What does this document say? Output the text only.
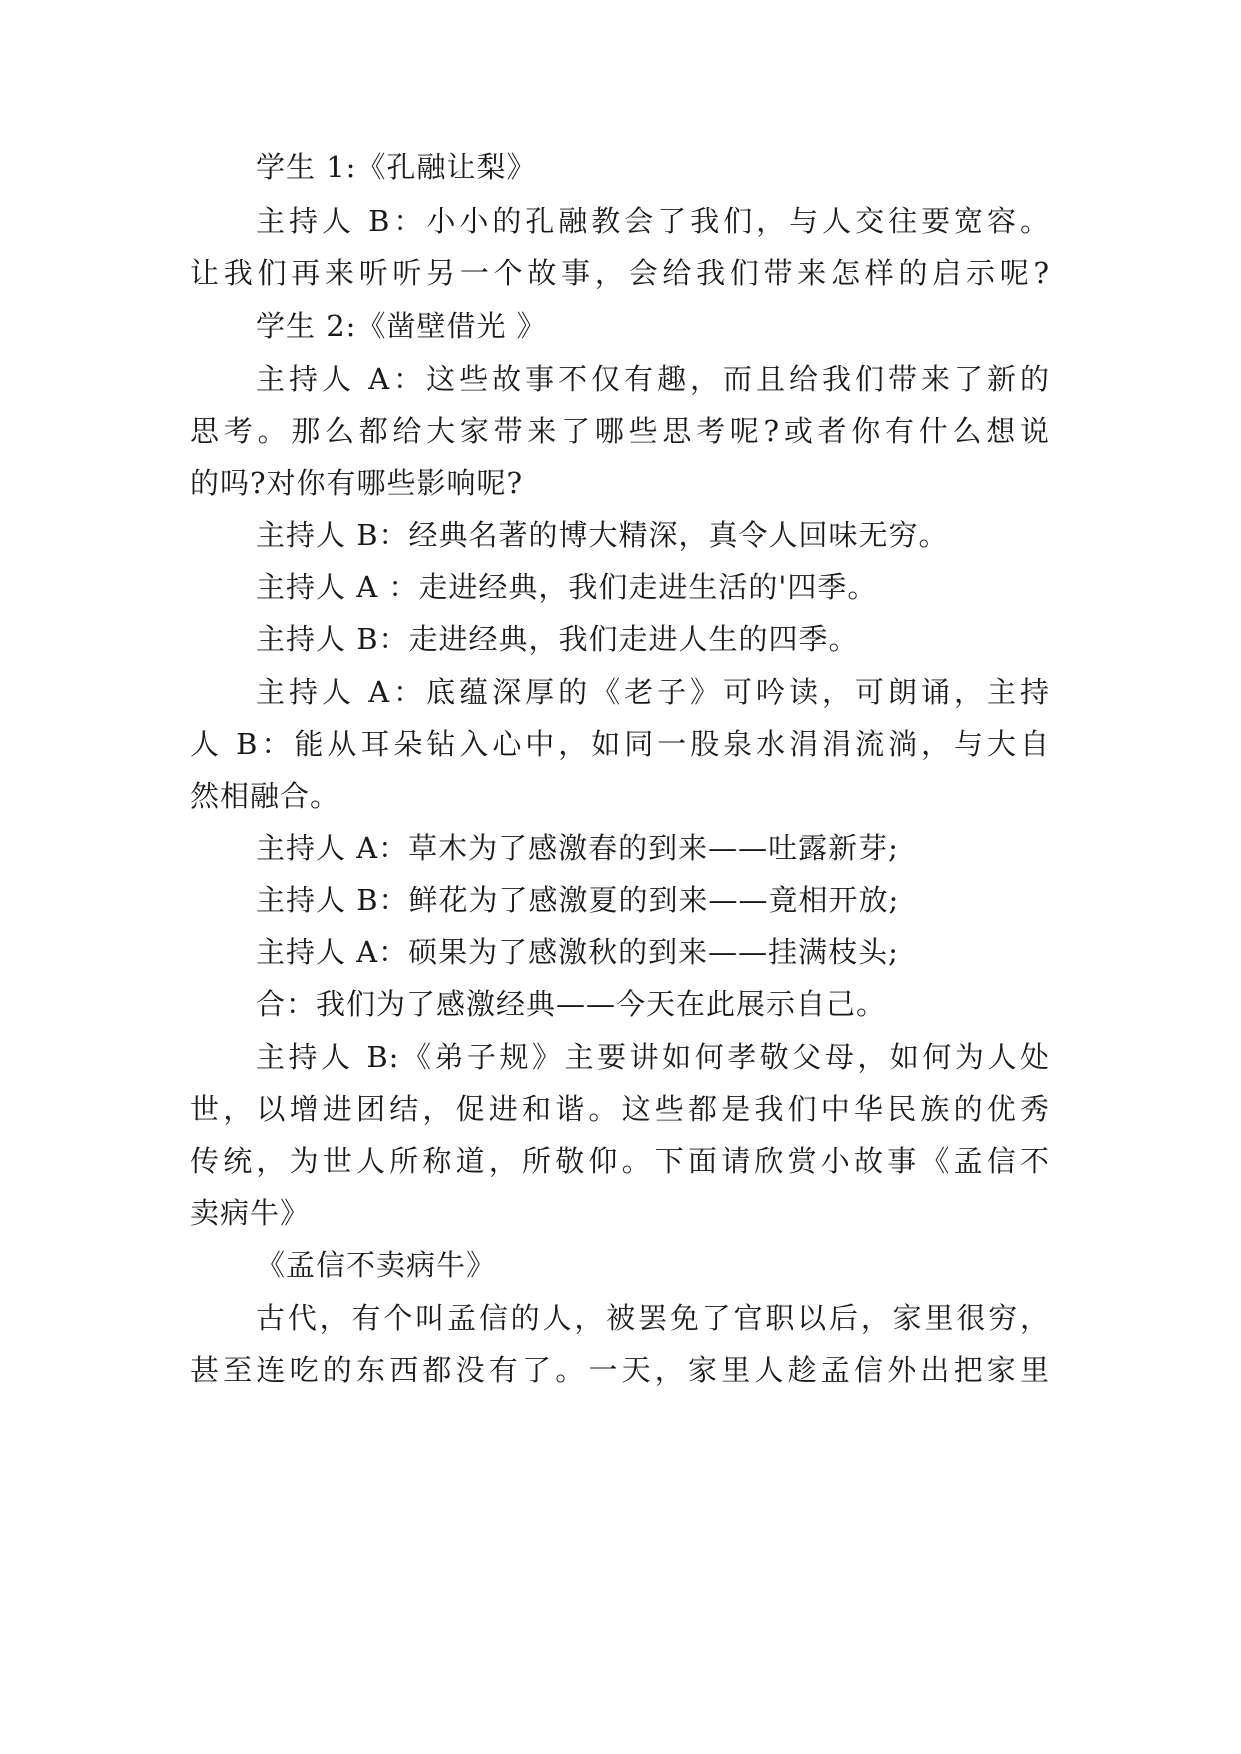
学生 1:《孔融让梨》
主持人 B：小小的孔融教会了我们，与人交往要宽容。
让我们再来听听另一个故事，会给我们带来怎样的启示呢?
学生 2:《凿壁借光 》
主持人 A：这些故事不仅有趣，而且给我们带来了新的
思考。那么都给大家带来了哪些思考呢?或者你有什么想说
的吗?对你有哪些影响呢?
主持人 B：经典名著的博大精深，真令人回味无穷。
主持人 A ：走进经典，我们走进生活的'四季。
主持人 B：走进经典，我们走进人生的四季。
主持人 A：底蕴深厚的《老子》可吟读，可朗诵，主持
人 B：能从耳朵钻入心中，如同一股泉水涓涓流淌，与大自
然相融合。
主持人 A：草木为了感激春的到来——吐露新芽;
主持人 B：鲜花为了感激夏的到来——竟相开放;
主持人 A：硕果为了感激秋的到来——挂满枝头;
合：我们为了感激经典——今天在此展示自己。
主持人 B:《弟子规》主要讲如何孝敬父母，如何为人处
世，以增进团结，促进和谐。这些都是我们中华民族的优秀
传统，为世人所称道，所敬仰。下面请欣赏小故事《孟信不
卖病牛》
《孟信不卖病牛》
古代，有个叫孟信的人，被罢免了官职以后，家里很穷，
甚至连吃的东西都没有了。一天，家里人趁孟信外出把家里
